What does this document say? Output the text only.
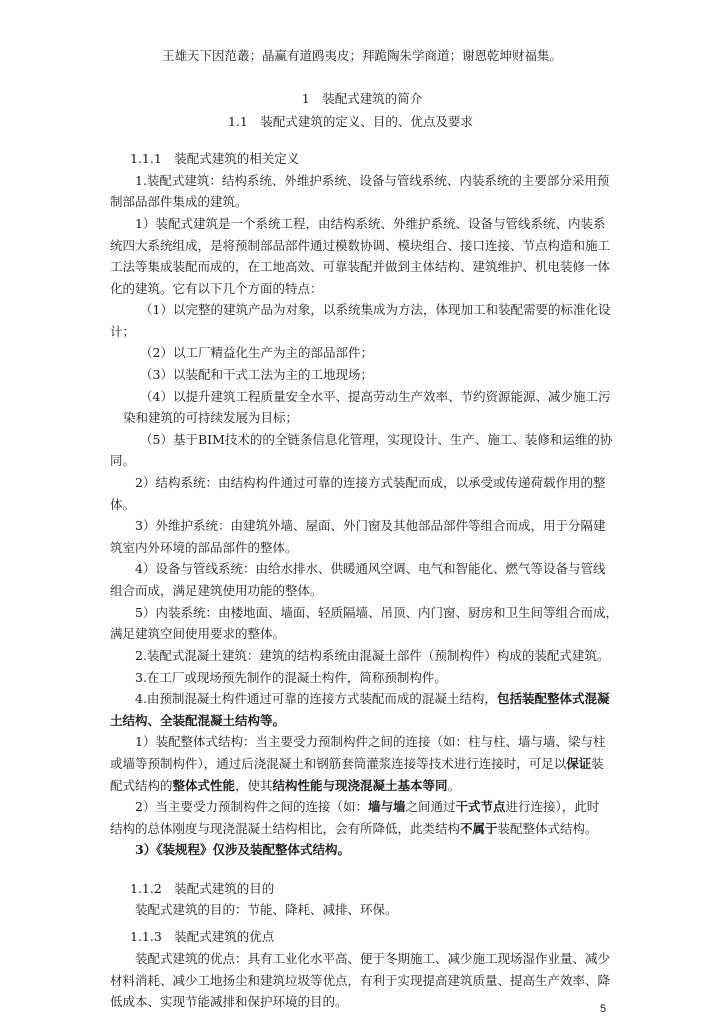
王雄天下因范叢；晶赢有道鸥夷皮；拜跪陶朱学商道；谢恩乾坤财福集。
1　装配式建筑的简介
1.1　装配式建筑的定义、目的、优点及要求
1.1.1　装配式建筑的相关定义
1.装配式建筑：结构系统、外维护系统、设备与管线系统、内装系统的主要部分采用预
制部品部件集成的建筑。
1）装配式建筑是一个系统工程，由结构系统、外维护系统、设备与管线系统、内装系
统四大系统组成，是将预制部品部件通过模数协调、模块组合、接口连接、节点构造和施工
工法等集成装配而成的，在工地高效、可靠装配并做到主体结构、建筑维护、机电装修一体
化的建筑。它有以下几个方面的特点：
（1）以完整的建筑产品为对象，以系统集成为方法，体现加工和装配需要的标准化设
计；
（2）以工厂精益化生产为主的部品部件；
（3）以装配和干式工法为主的工地现场；
（4）以提升建筑工程质量安全水平、提高劳动生产效率、节约资源能源、减少施工污
染和建筑的可持续发展为目标；
（5）基于BIM技术的的全链条信息化管理，实现设计、生产、施工、装修和运维的协
同。
2）结构系统：由结构构件通过可靠的连接方式装配而成，以承受或传递荷载作用的整
体。
3）外维护系统：由建筑外墙、屋面、外门窗及其他部品部件等组合而成，用于分隔建
筑室内外环境的部品部件的整体。
4）设备与管线系统：由给水排水、供暖通风空调、电气和智能化、燃气等设备与管线
组合而成，满足建筑使用功能的整体。
5）内装系统：由楼地面、墙面、轻质隔墙、吊顶、内门窗、厨房和卫生间等组合而成，
满足建筑空间使用要求的整体。
2.装配式混凝土建筑：建筑的结构系统由混凝土部件（预制构件）构成的装配式建筑。
3.在工厂或现场预先制作的混凝土构件，简称预制构件。
4.由预制混凝土构件通过可靠的连接方式装配而成的混凝土结构，包括装配整体式混凝
土结构、全装配混凝土结构等。
1）装配整体式结构：当主要受力预制构件之间的连接（如：柱与柱、墙与墙、梁与柱
或墙等预制构件），通过后浇混凝土和钢筋套筒灌浆连接等技术进行连接时，可足以保证装
配式结构的整体式性能，使其结构性能与现浇混凝土基本等同。
2）当主要受力预制构件之间的连接（如：墙与墙之间通过干式节点进行连接），此时
结构的总体刚度与现浇混凝土结构相比，会有所降低，此类结构不属于装配整体式结构。
3）《装规程》仅涉及装配整体式结构。
1.1.2　装配式建筑的目的
装配式建筑的目的：节能、降耗、减排、环保。
1.1.3　装配式建筑的优点
装配式建筑的优点：具有工业化水平高、便于冬期施工、减少施工现场湿作业量、减少
材料消耗、减少工地扬尘和建筑垃圾等优点，有利于实现提高建筑质量、提高生产效率、降
低成本、实现节能减排和保护环境的目的。	5
